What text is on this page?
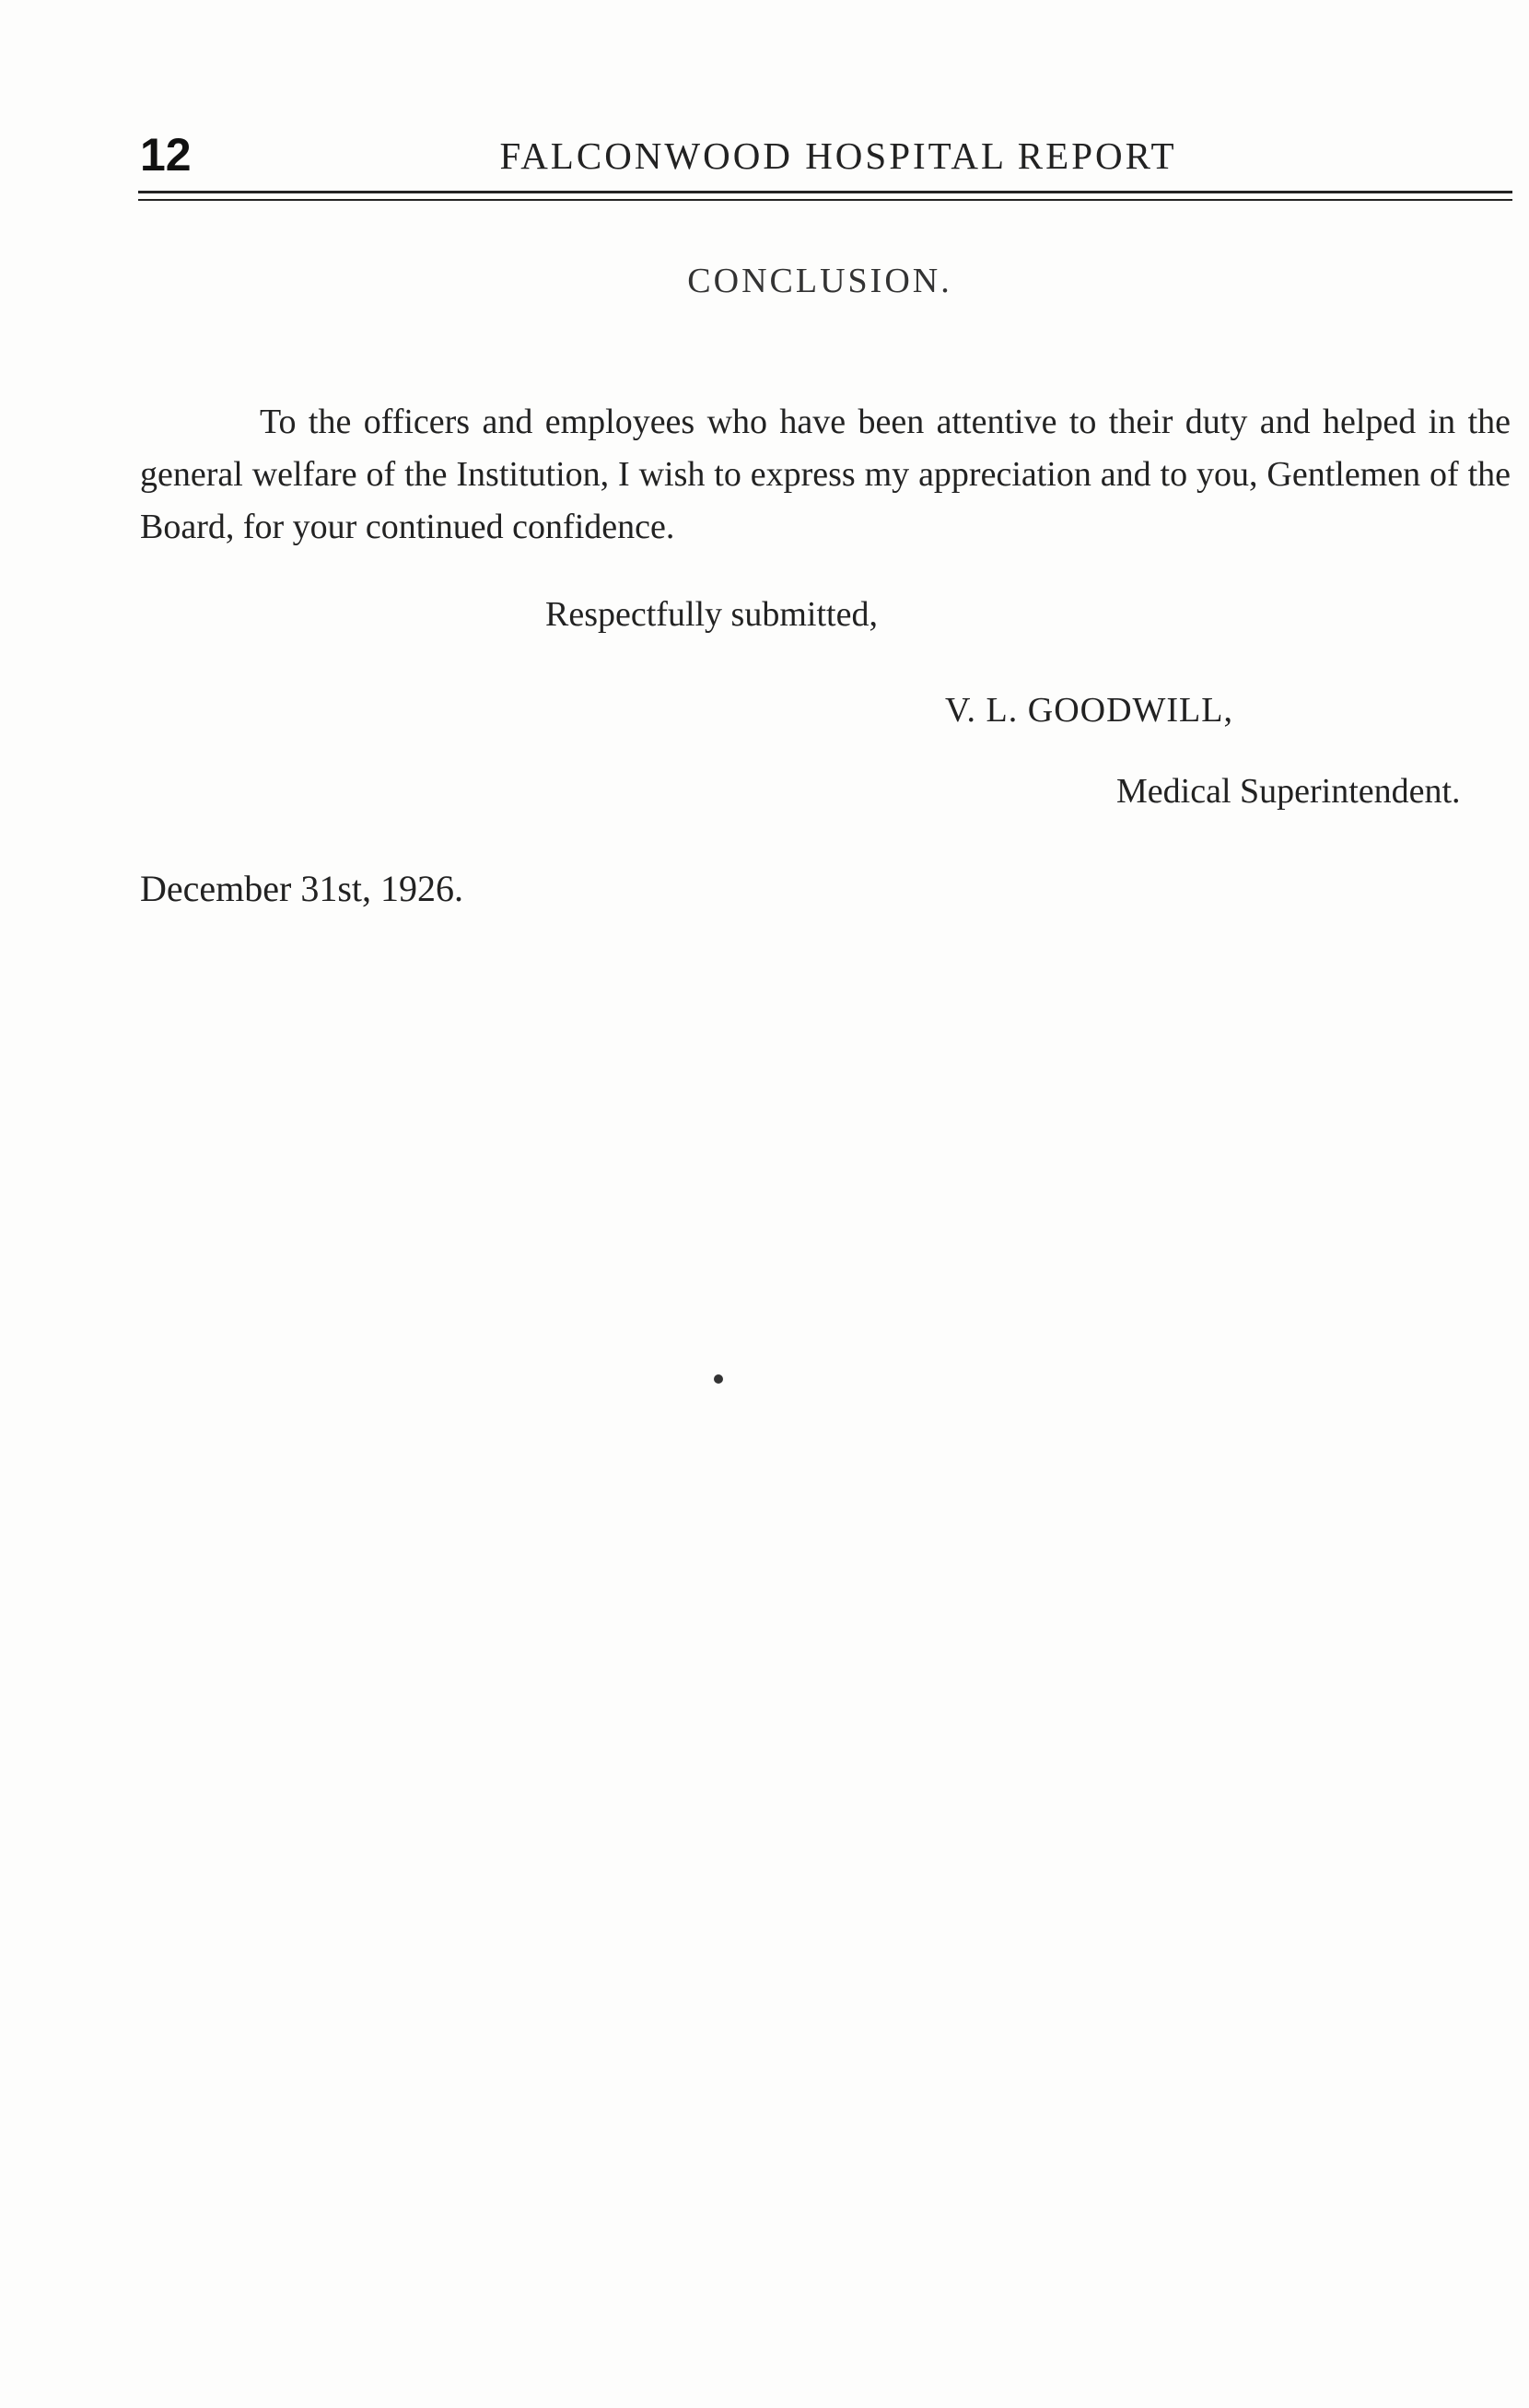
12	FALCONWOOD HOSPITAL REPORT
CONCLUSION.

To the officers and employees who have been attentive to their duty and helped in the general welfare of the Institution, I wish to express my appreciation and to you, Gentlemen of the Board, for your continued confidence.

Respectfully submitted,
V. L. GOODWILL,
Medical Superintendent.
December 31st, 1926.
